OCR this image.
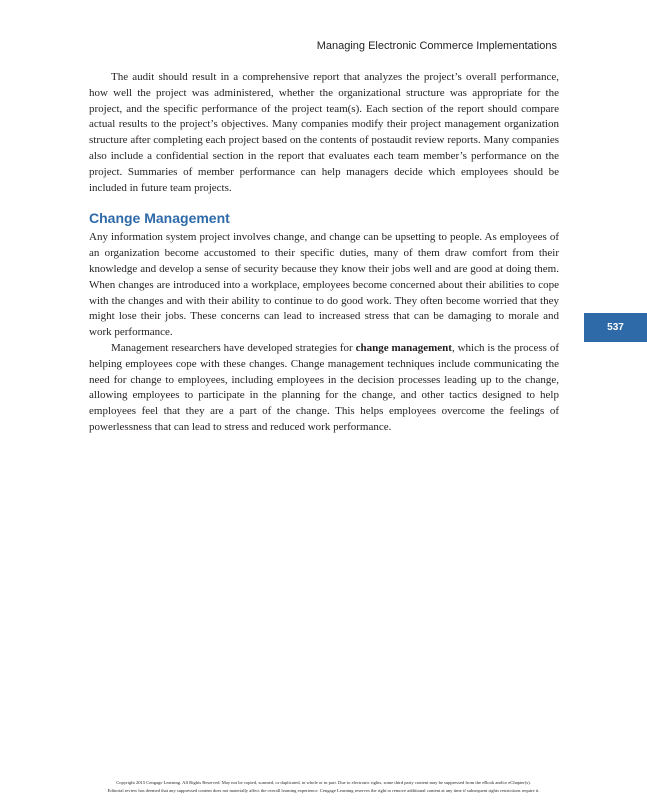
Managing Electronic Commerce Implementations

The audit should result in a comprehensive report that analyzes the project’s overall performance, how well the project was administered, whether the organizational structure was appropriate for the project, and the specific performance of the project team(s). Each section of the report should compare actual results to the project’s objectives. Many companies modify their project management organization structure after completing each project based on the contents of postaudit review reports. Many companies also include a confidential section in the report that evaluates each team member’s performance on the project. Summaries of member performance can help managers decide which employees should be included in future team projects.

Change Management

Any information system project involves change, and change can be upsetting to people. As employees of an organization become accustomed to their specific duties, many of them draw comfort from their knowledge and develop a sense of security because they know their jobs well and are good at doing them. When changes are introduced into a workplace, employees become concerned about their abilities to cope with the changes and with their ability to continue to do good work. They often become worried that they might lose their jobs. These concerns can lead to increased stress that can be damaging to morale and work performance.

Management researchers have developed strategies for change management, which is the process of helping employees cope with these changes. Change management techniques include communicating the need for change to employees, including employees in the decision processes leading up to the change, allowing employees to participate in the planning for the change, and other tactics designed to help employees feel that they are a part of the change. This helps employees overcome the feelings of powerlessness that can lead to stress and reduced work performance.

537
Copyright 2015 Cengage Learning. All Rights Reserved. May not be copied, scanned, or duplicated, in whole or in part. Due to electronic rights, some third party content may be suppressed from the eBook and/or eChapter(s).
Editorial review has deemed that any suppressed content does not materially affect the overall learning experience. Cengage Learning reserves the right to remove additional content at any time if subsequent rights restrictions require it.
